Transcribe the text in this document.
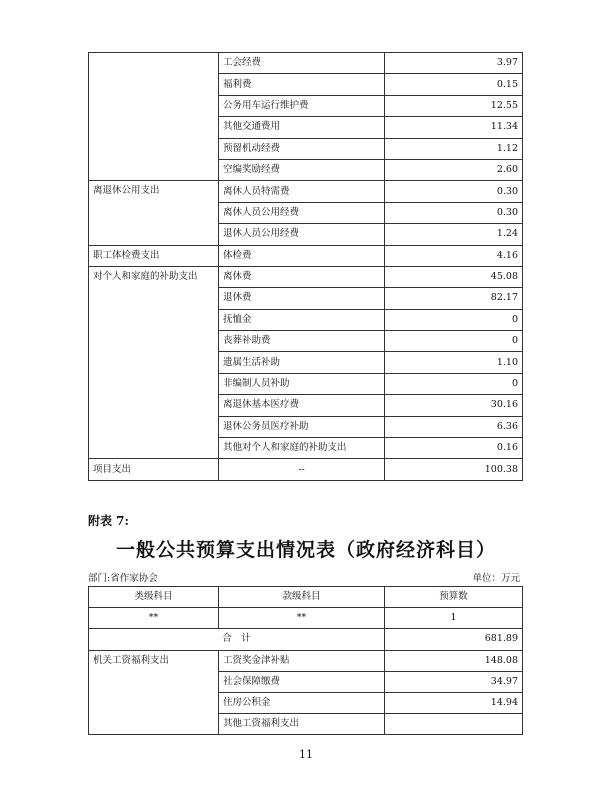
	工会经费	3.97
	福利费	0.15
	公务用车运行维护费	12.55
	其他交通费用	11.34
	预留机动经费	1.12
	空编奖励经费	2.60
离退休公用支出	离休人员特需费	0.30
	离休人员公用经费	0.30
	退休人员公用经费	1.24
职工体检费支出	体检费	4.16
对个人和家庭的补助支出	离休费	45.08
	退休费	82.17
	抚恤金	0
	丧葬补助费	0
	遗属生活补助	1.10
	非编制人员补助	0
	离退休基本医疗费	30.16
	退休公务员医疗补助	6.36
	其他对个人和家庭的补助支出	0.16
项目支出	--	100.38
附表 7:
一般公共预算支出情况表（政府经济科目）
部门:省作家协会	单位：万元
类级科目	款级科目	预算数
**	**	1
合　计		681.89
机关工资福利支出	工资奖金津补贴	148.08
	社会保障缴费	34.97
	住房公积金	14.94
	其他工资福利支出	
11
